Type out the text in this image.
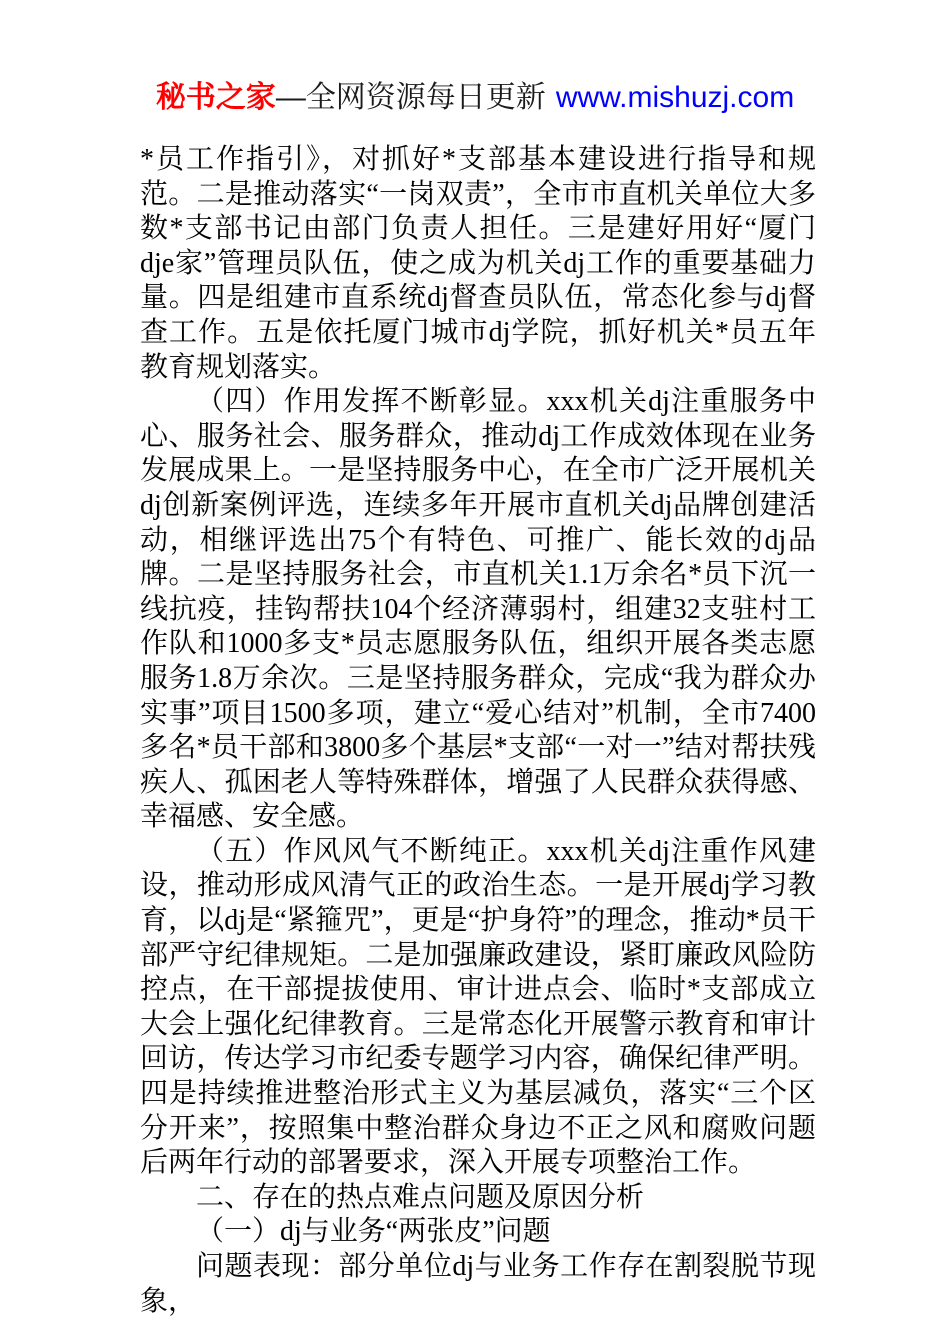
秘书之家—全网资源每日更新 www.mishuzj.com

*员工作指引》，对抓好*支部基本建设进行指导和规范。二是推动落实“一岗双责”，全市市直机关单位大多数*支部书记由部门负责人担任。三是建好用好“厦门dje家”管理员队伍，使之成为机关dj工作的重要基础力量。四是组建市直系统dj督查员队伍，常态化参与dj督查工作。五是依托厦门城市dj学院，抓好机关*员五年教育规划落实。

（四）作用发挥不断彰显。xxx机关dj注重服务中心、服务社会、服务群众，推动dj工作成效体现在业务发展成果上。一是坚持服务中心，在全市广泛开展机关dj创新案例评选，连续多年开展市直机关dj品牌创建活动，相继评选出75个有特色、可推广、能长效的dj品牌。二是坚持服务社会，市直机关1.1万余名*员下沉一线抗疫，挂钩帮扶104个经济薄弱村，组建32支驻村工作队和1000多支*员志愿服务队伍，组织开展各类志愿服务1.8万余次。三是坚持服务群众，完成“我为群众办实事”项目1500多项，建立“爱心结对”机制，全市7400多名*员干部和3800多个基层*支部“一对一”结对帮扶残疾人、孤困老人等特殊群体，增强了人民群众获得感、幸福感、安全感。

（五）作风风气不断纯正。xxx机关dj注重作风建设，推动形成风清气正的政治生态。一是开展dj学习教育，以dj是“紧箍咒”，更是“护身符”的理念，推动*员干部严守纪律规矩。二是加强廉政建设，紧盯廉政风险防控点，在干部提拔使用、审计进点会、临时*支部成立大会上强化纪律教育。三是常态化开展警示教育和审计回访，传达学习市纪委专题学习内容，确保纪律严明。四是持续推进整治形式主义为基层减负，落实“三个区分开来”，按照集中整治群众身边不正之风和腐败问题后两年行动的部署要求，深入开展专项整治工作。

二、存在的热点难点问题及原因分析

（一）dj与业务“两张皮”问题

问题表现：部分单位dj与业务工作存在割裂脱节现象，
